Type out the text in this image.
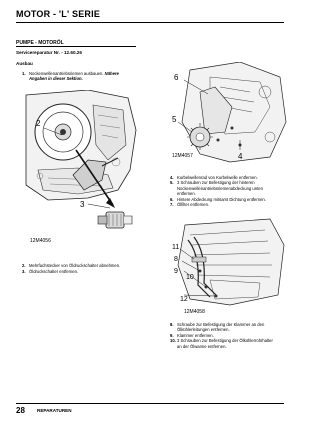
MOTOR - 'L' SERIE
PUMPE - MOTORÖL
Servicereparatur Nr. - 12.60.26
Ausbau
1. Nockenwellenantriebsriemen ausbauen. Nähere
Angaben in dieser Sektion.
2
3
12M4056
2. Mehrfachstecker von Öldruckschalter abnehmen.
3. Öldruckschalter entfernen.
6
5
4
12M4057
4. Kurbelwellenrad von Kurbelwelle entfernen.
5. 3 Schrauben zur Befestigung der hinteren
Nockenwellenantriebsriemenabdeckung unten
entfernen.
6. Hintere Abdeckung mitsamt Dichtung entfernen.
7. Ölfilter entfernen.
11
8
9
10
12
12M4058
8. Schraube zur Befestigung der Klammer an den
Ölkühlerleitungen entfernen.
9. Klammer entfernen.
10. 3 Schrauben zur Befestigung der Ölkühlerrohrhalter
an der Ölwanne entfernen.
28	REPARATUREN
